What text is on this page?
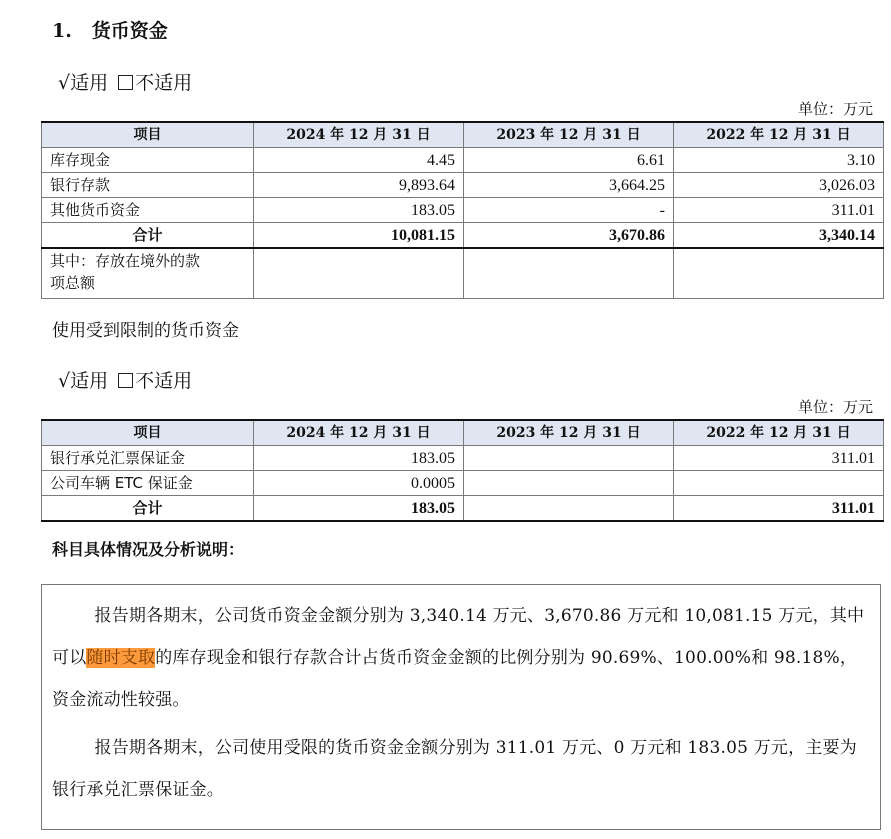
1. 货币资金
√适用 不适用
单位：万元
项目	2024 年 12 月 31 日	2023 年 12 月 31 日	2022 年 12 月 31 日
库存现金	4.45	6.61	3.10
银行存款	9,893.64	3,664.25	3,026.03
其他货币资金	183.05	-	311.01
合计	10,081.15	3,670.86	3,340.14

其中：存放在境外的款
项总额			

使用受到限制的货币资金
√适用 不适用
单位：万元
项目	2024 年 12 月 31 日	2023 年 12 月 31 日	2022 年 12 月 31 日
银行承兑汇票保证金	183.05		311.01
公司车辆 ETC 保证金	0.0005		
合计	183.05		311.01
科目具体情况及分析说明：

报告期各期末，公司货币资金金额分别为 3,340.14 万元、3,670.86 万元和 10,081.15 万元，其中可以随时支取的库存现金和银行存款合计占货币资金金额的比例分别为 90.69%、100.00%和 98.18%，资金流动性较强。

报告期各期末，公司使用受限的货币资金金额分别为 311.01 万元、0 万元和 183.05 万元，主要为银行承兑汇票保证金。
